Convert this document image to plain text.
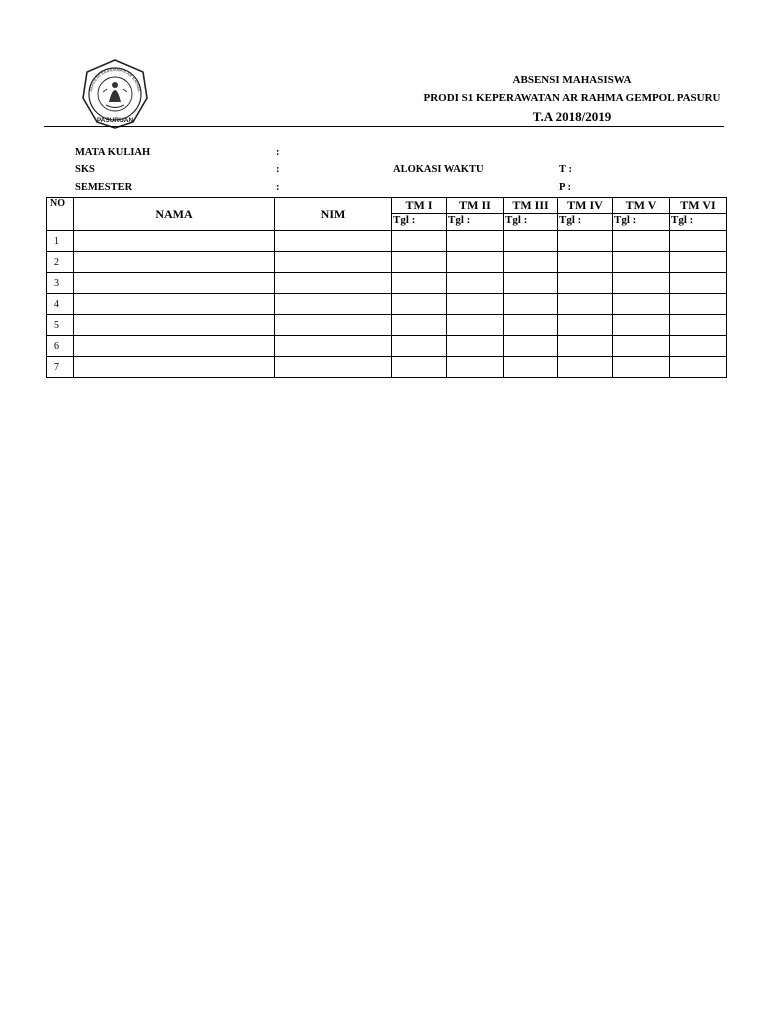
PASURUAN
AKADEMI KEBIDANAN AR RAHMA
ABSENSI MAHASISWA
PRODI S1 KEPERAWATAN AR RAHMA GEMPOL PASURU
T.A 2018/2019
MATA KULIAH	:
SKS	:	ALOKASI WAKTU	T :
SEMESTER	:	P :
NO	NAMA	NIM	TM I	TM II	TM III	TM IV	TM V	TM VI
			Tgl :	Tgl :	Tgl :	Tgl :	Tgl :	Tgl :
1								
2								
3								
4								
5								
6								
7								
